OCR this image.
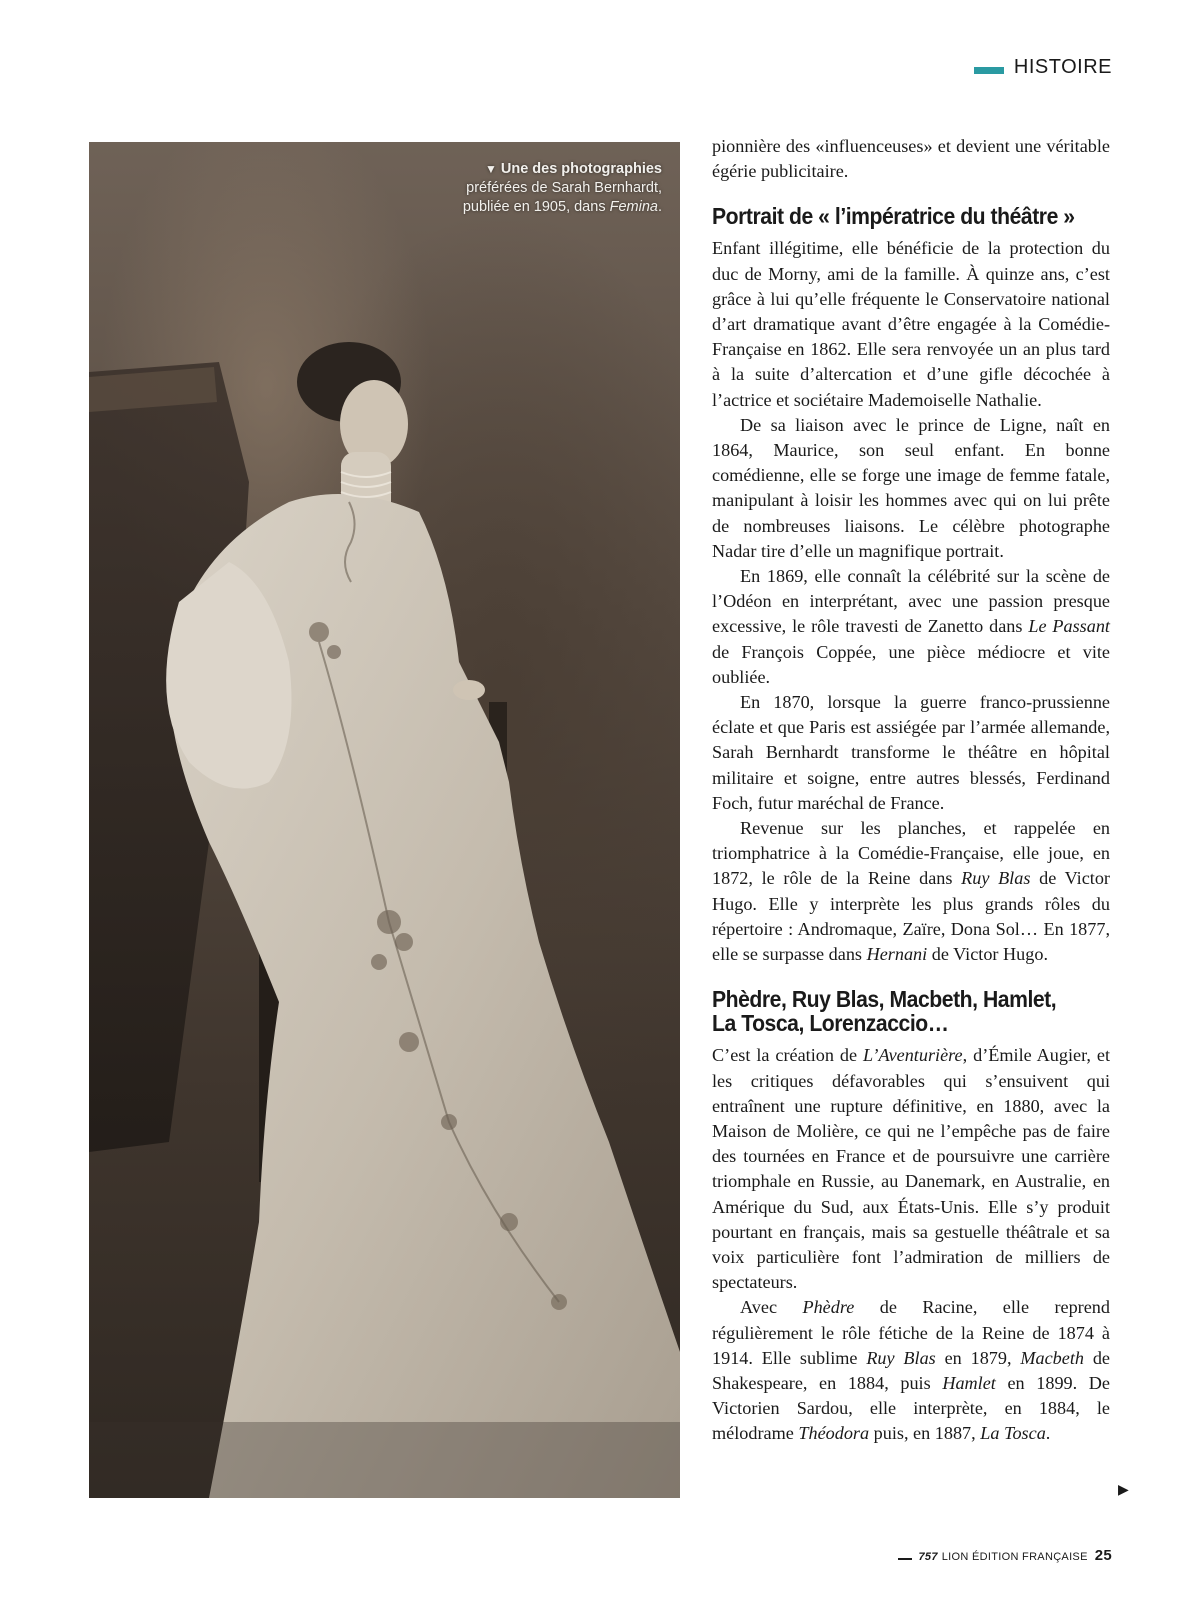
HISTOIRE
▼ Une des photographies préférées de Sarah Bernhardt, publiée en 1905, dans Femina.

pionnière des «influenceuses» et devient une véritable égérie publicitaire.

Portrait de « l’impératrice du théâtre »

Enfant illégitime, elle bénéficie de la protection du duc de Morny, ami de la famille. À quinze ans, c’est grâce à lui qu’elle fréquente le Conservatoire national d’art dramatique avant d’être engagée à la Comédie-Française en 1862. Elle sera renvoyée un an plus tard à la suite d’altercation et d’une gifle décochée à l’actrice et sociétaire Mademoiselle Nathalie.

De sa liaison avec le prince de Ligne, naît en 1864, Maurice, son seul enfant. En bonne comédienne, elle se forge une image de femme fatale, manipulant à loisir les hommes avec qui on lui prête de nombreuses liaisons. Le célèbre photographe Nadar tire d’elle un magnifique portrait.

En 1869, elle connaît la célébrité sur la scène de l’Odéon en interprétant, avec une passion presque excessive, le rôle travesti de Zanetto dans Le Passant de François Coppée, une pièce médiocre et vite oubliée.

En 1870, lorsque la guerre franco-prussienne éclate et que Paris est assiégée par l’armée allemande, Sarah Bernhardt transforme le théâtre en hôpital militaire et soigne, entre autres blessés, Ferdinand Foch, futur maréchal de France.

Revenue sur les planches, et rappelée en triomphatrice à la Comédie-Française, elle joue, en 1872, le rôle de la Reine dans Ruy Blas de Victor Hugo. Elle y interprète les plus grands rôles du répertoire : Andromaque, Zaïre, Dona Sol… En 1877, elle se surpasse dans Hernani de Victor Hugo.

Phèdre, Ruy Blas, Macbeth, Hamlet, La Tosca, Lorenzaccio…

C’est la création de L’Aventurière, d’Émile Augier, et les critiques défavorables qui s’ensuivent qui entraînent une rupture définitive, en 1880, avec la Maison de Molière, ce qui ne l’empêche pas de faire des tournées en France et de poursuivre une carrière triomphale en Russie, au Danemark, en Australie, en Amérique du Sud, aux États-Unis. Elle s’y produit pourtant en français, mais sa gestuelle théâtrale et sa voix particulière font l’admiration de milliers de spectateurs.

Avec Phèdre de Racine, elle reprend régulièrement le rôle fétiche de la Reine de 1874 à 1914. Elle sublime Ruy Blas en 1879, Macbeth de Shakespeare, en 1884, puis Hamlet en 1899. De Victorien Sardou, elle interprète, en 1884, le mélodrame Théodora puis, en 1887, La Tosca.

▶
757 LION ÉDITION FRANÇAISE 25
